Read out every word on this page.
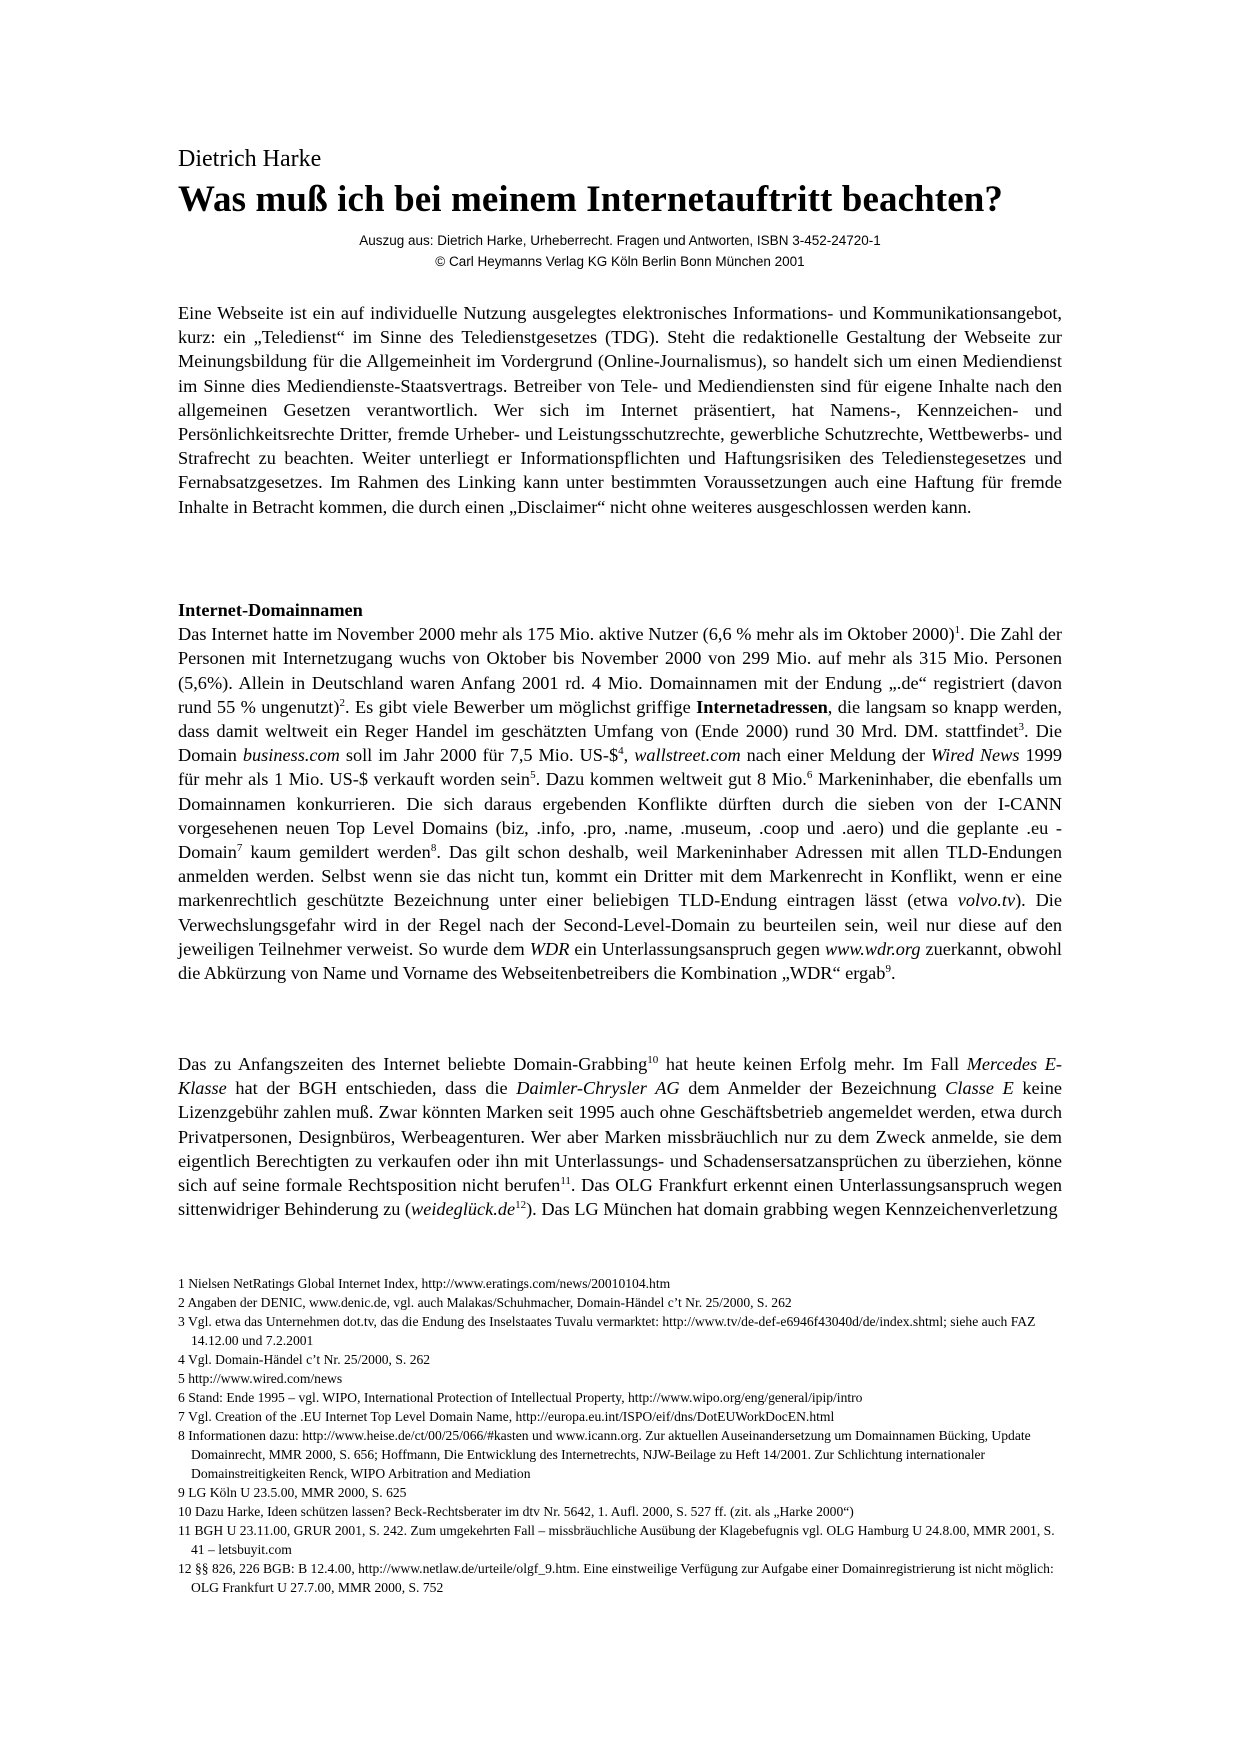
Dietrich Harke
Was muß ich bei meinem Internetauftritt beachten?
Auszug aus: Dietrich Harke, Urheberrecht. Fragen und Antworten, ISBN 3-452-24720-1
© Carl Heymanns Verlag KG Köln Berlin Bonn München 2001

Eine Webseite ist ein auf individuelle Nutzung ausgelegtes elektronisches Informations- und Kommunikationsangebot, kurz: ein „Teledienst“ im Sinne des Teledienstgesetzes (TDG). Steht die redaktionelle Gestaltung der Webseite zur Meinungsbildung für die Allgemeinheit im Vordergrund (Online-Journalismus), so handelt sich um einen Mediendienst im Sinne dies Mediendienste-Staatsvertrags. Betreiber von Tele- und Mediendiensten sind für eigene Inhalte nach den allgemeinen Gesetzen verantwortlich. Wer sich im Internet präsentiert, hat Namens-, Kennzeichen- und Persönlichkeitsrechte Dritter, fremde Urheber- und Leistungsschutzrechte, gewerbliche Schutzrechte, Wettbewerbs- und Strafrecht zu beachten. Weiter unterliegt er Informationspflichten und Haftungsrisiken des Teledienstegesetzes und Fernabsatzgesetzes. Im Rahmen des Linking kann unter bestimmten Voraussetzungen auch eine Haftung für fremde Inhalte in Betracht kommen, die durch einen „Disclaimer“ nicht ohne weiteres ausgeschlossen werden kann.

Internet-Domainnamen
Das Internet hatte im November 2000 mehr als 175 Mio. aktive Nutzer (6,6 % mehr als im Oktober 2000)$^1$. Die Zahl der Personen mit Internetzugang wuchs von Oktober bis November 2000 von 299 Mio. auf mehr als 315 Mio. Personen (5,6%). Allein in Deutschland waren Anfang 2001 rd. 4 Mio. Domainnamen mit der Endung „.de“ registriert (davon rund 55 % ungenutzt)$^2$. Es gibt viele Bewerber um möglichst griffige Internetadressen, die langsam so knapp werden, dass damit weltweit ein Reger Handel im geschätzten Umfang von (Ende 2000) rund 30 Mrd. DM. stattfindet$^3$. Die Domain business.com soll im Jahr 2000 für 7,5 Mio. US-\$$^4$, wallstreet.com nach einer Meldung der Wired News 1999 für mehr als 1 Mio. US-$ verkauft worden sein$^5$. Dazu kommen weltweit gut 8 Mio.$^6$ Markeninhaber, die ebenfalls um Domainnamen konkurrieren. Die sich daraus ergebenden Konflikte dürften durch die sieben von der I-CANN vorgesehenen neuen Top Level Domains (biz, .info, .pro, .name, .museum, .coop und .aero) und die geplante .eu - Domain$^7$ kaum gemildert werden$^8$. Das gilt schon deshalb, weil Markeninhaber Adressen mit allen TLD-Endungen anmelden werden. Selbst wenn sie das nicht tun, kommt ein Dritter mit dem Markenrecht in Konflikt, wenn er eine markenrechtlich geschützte Bezeichnung unter einer beliebigen TLD-Endung eintragen lässt (etwa volvo.tv). Die Verwechslungsgefahr wird in der Regel nach der Second-Level-Domain zu beurteilen sein, weil nur diese auf den jeweiligen Teilnehmer verweist. So wurde dem WDR ein Unterlassungsanspruch gegen www.wdr.org zuerkannt, obwohl die Abkürzung von Name und Vorname des Webseitenbetreibers die Kombination „WDR“ ergab$^9$.

Das zu Anfangszeiten des Internet beliebte Domain-Grabbing$^{10}$ hat heute keinen Erfolg mehr. Im Fall Mercedes E-Klasse hat der BGH entschieden, dass die Daimler-Chrysler AG dem Anmelder der Bezeichnung Classe E keine Lizenzgebühr zahlen muß. Zwar könnten Marken seit 1995 auch ohne Geschäftsbetrieb angemeldet werden, etwa durch Privatpersonen, Designbüros, Werbeagenturen. Wer aber Marken missbräuchlich nur zu dem Zweck anmelde, sie dem eigentlich Berechtigten zu verkaufen oder ihn mit Unterlassungs- und Schadensersatzansprüchen zu überziehen, könne sich auf seine formale Rechtsposition nicht berufen$^{11}$. Das OLG Frankfurt erkennt einen Unterlassungsanspruch wegen sittenwidriger Behinderung zu $(weideglück.de^{12})$. Das LG München hat domain grabbing wegen Kennzeichenverletzung

1 Nielsen NetRatings Global Internet Index, http://www.eratings.com/news/20010104.htm
2 Angaben der DENIC, www.denic.de, vgl. auch Malakas/Schuhmacher, Domain-Händel c’t Nr. 25/2000, S. 262
3 Vgl. etwa das Unternehmen dot.tv, das die Endung des Inselstaates Tuvalu vermarktet: http://www.tv/de-def-e6946f43040d/de/index.shtml; siehe auch FAZ 14.12.00 und 7.2.2001
4 Vgl. Domain-Händel c’t Nr. 25/2000, S. 262
5 http://www.wired.com/news
6 Stand: Ende 1995 – vgl. WIPO, International Protection of Intellectual Property, http://www.wipo.org/eng/general/ipip/intro
7 Vgl. Creation of the .EU Internet Top Level Domain Name, http://europa.eu.int/ISPO/eif/dns/DotEUWorkDocEN.html
8 Informationen dazu: http://www.heise.de/ct/00/25/066/#kasten und www.icann.org. Zur aktuellen Auseinandersetzung um Domainnamen Bücking, Update Domainrecht, MMR 2000, S. 656; Hoffmann, Die Entwicklung des Internetrechts, NJW-Beilage zu Heft 14/2001. Zur Schlichtung internationaler Domainstreitigkeiten Renck, WIPO Arbitration and Mediation
9 LG Köln U 23.5.00, MMR 2000, S. 625
10 Dazu Harke, Ideen schützen lassen? Beck-Rechtsberater im dtv Nr. 5642, 1. Aufl. 2000, S. 527 ff. (zit. als „Harke 2000“)
11 BGH U 23.11.00, GRUR 2001, S. 242. Zum umgekehrten Fall – missbräuchliche Ausübung der Klagebefugnis vgl. OLG Hamburg U 24.8.00, MMR 2001, S. 41 – letsbuyit.com
12 §§ 826, 226 BGB: B 12.4.00, http://www.netlaw.de/urteile/olgf_9.htm. Eine einstweilige Verfügung zur Aufgabe einer Domainregistrierung ist nicht möglich: OLG Frankfurt U 27.7.00, MMR 2000, S. 752
